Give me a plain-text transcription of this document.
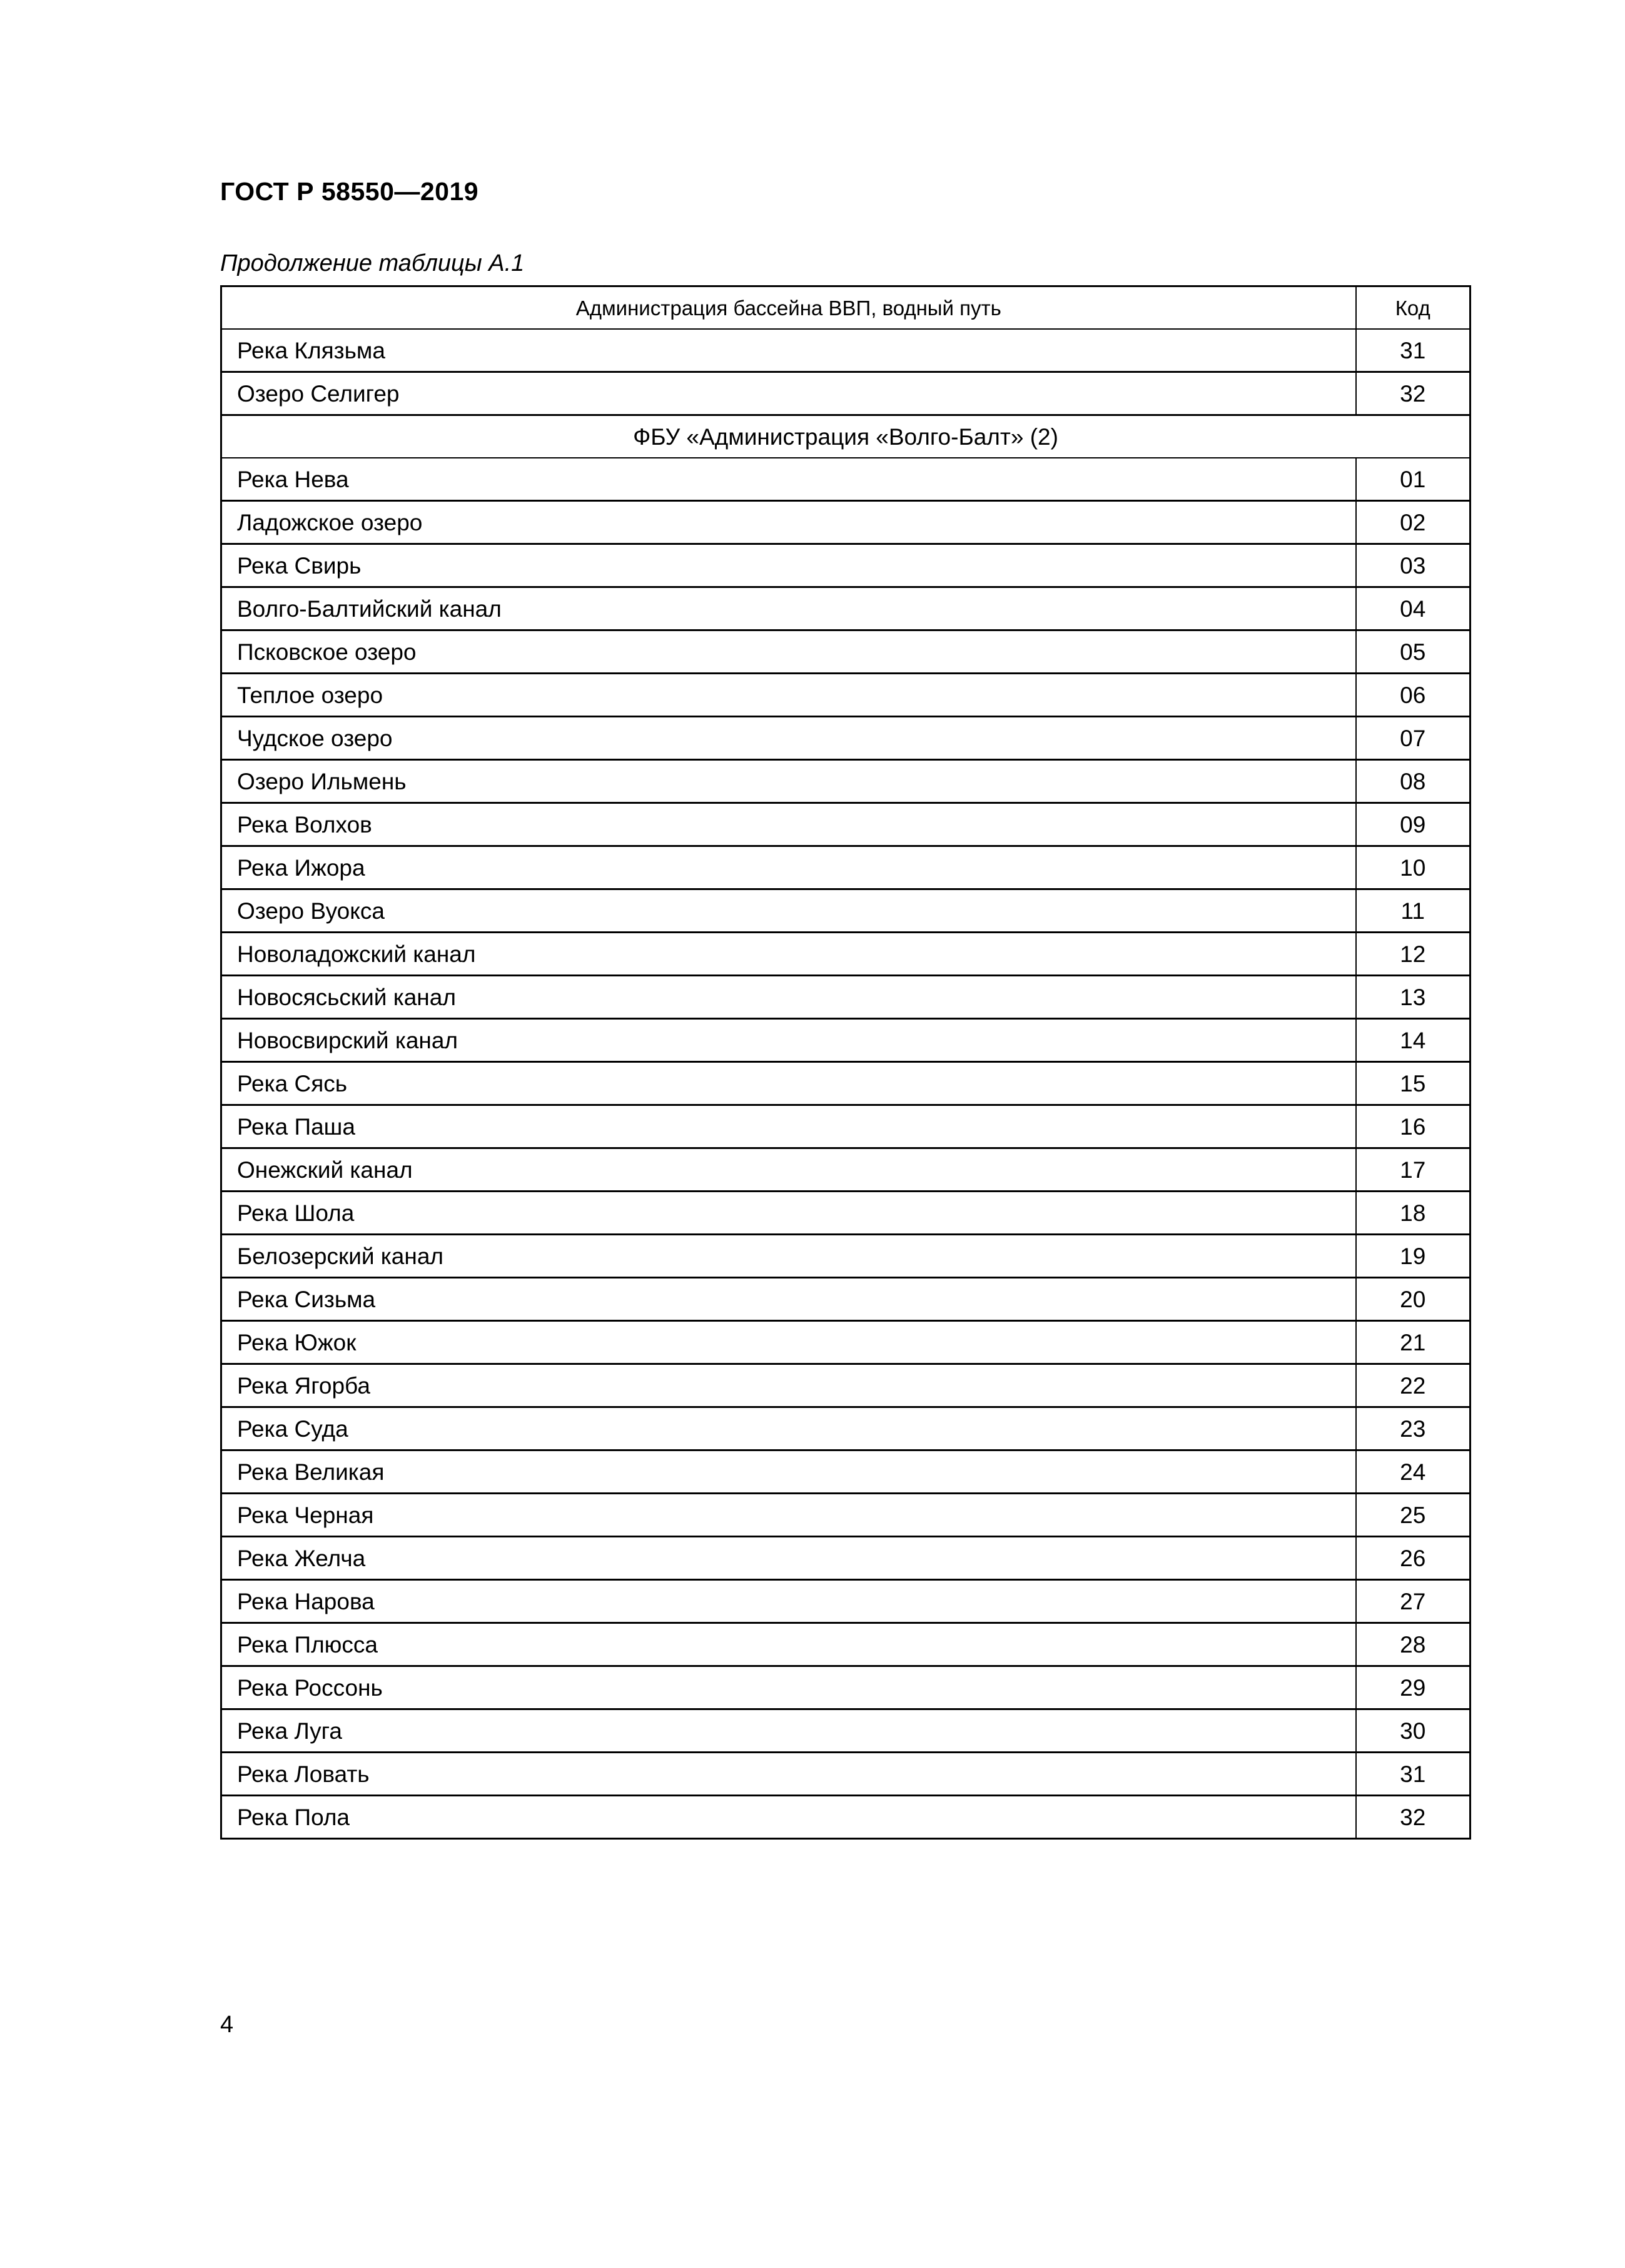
ГОСТ Р 58550—2019

Продолжение таблицы А.1

Администрация бассейна ВВП, водный путь	Код
Река Клязьма	31
Озеро Селигер	32
ФБУ «Администрация «Волго-Балт» (2)	
Река Нева	01
Ладожское озеро	02
Река Свирь	03
Волго-Балтийский канал	04
Псковское озеро	05
Теплое озеро	06
Чудское озеро	07
Озеро Ильмень	08
Река Волхов	09
Река Ижора	10
Озеро Вуокса	11
Новоладожский канал	12
Новосясьский канал	13
Новосвирский канал	14
Река Сясь	15
Река Паша	16
Онежский канал	17
Река Шола	18
Белозерский канал	19
Река Сизьма	20
Река Южок	21
Река Ягорба	22
Река Суда	23
Река Великая	24
Река Черная	25
Река Желча	26
Река Нарова	27
Река Плюсса	28
Река Россонь	29
Река Луга	30
Река Ловать	31
Река Пола	32

4
